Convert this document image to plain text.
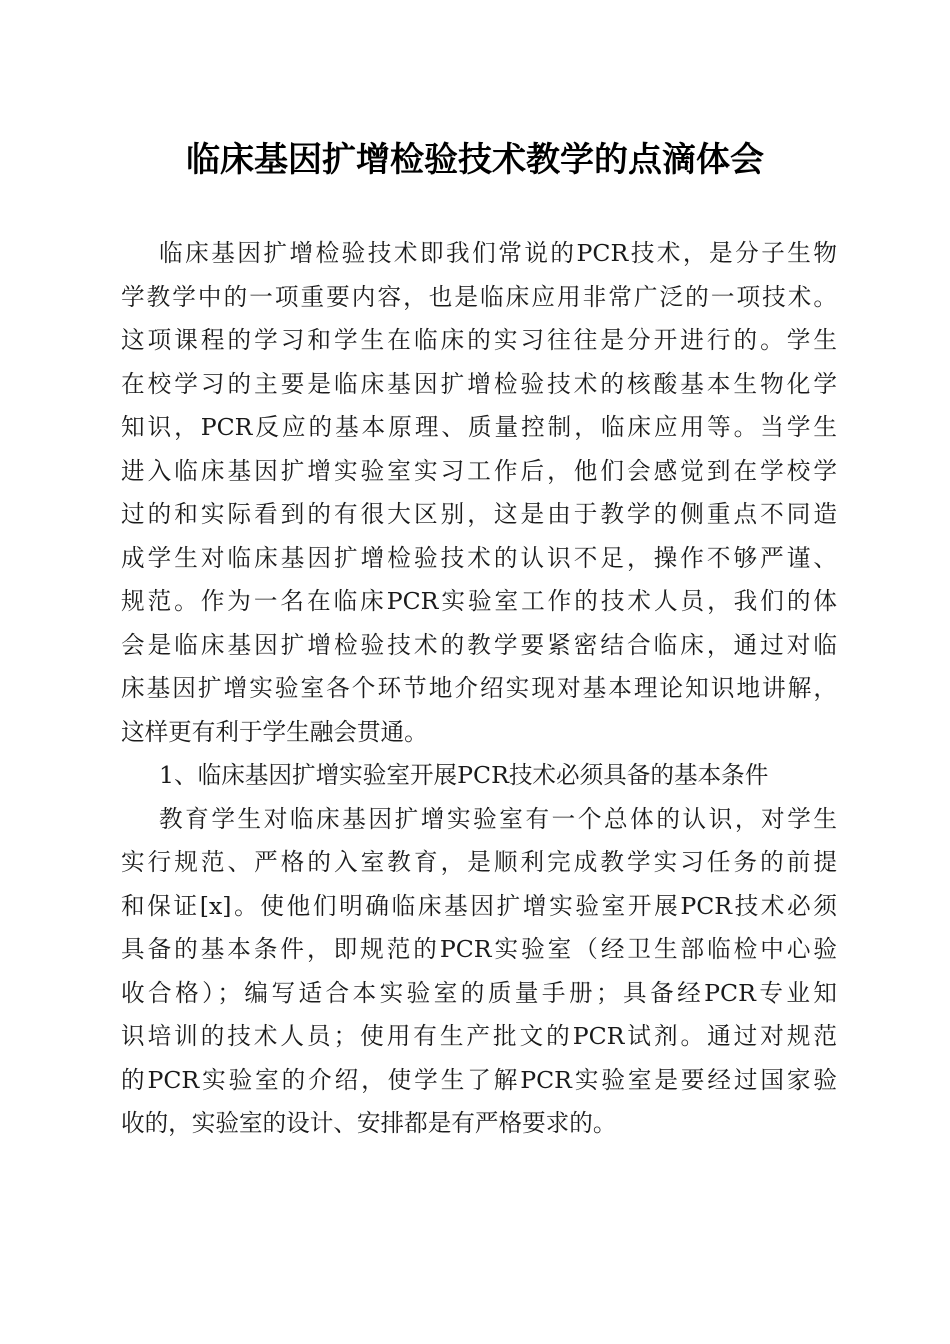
临床基因扩增检验技术教学的点滴体会
临床基因扩增检验技术即我们常说的PCR技术，是分子生物
学教学中的一项重要内容，也是临床应用非常广泛的一项技术。
这项课程的学习和学生在临床的实习往往是分开进行的。学生
在校学习的主要是临床基因扩增检验技术的核酸基本生物化学
知识，PCR反应的基本原理、质量控制，临床应用等。当学生
进入临床基因扩增实验室实习工作后，他们会感觉到在学校学
过的和实际看到的有很大区别，这是由于教学的侧重点不同造
成学生对临床基因扩增检验技术的认识不足，操作不够严谨、
规范。作为一名在临床PCR实验室工作的技术人员，我们的体
会是临床基因扩增检验技术的教学要紧密结合临床，通过对临
床基因扩增实验室各个环节地介绍实现对基本理论知识地讲解，
这样更有利于学生融会贯通。
1、临床基因扩增实验室开展PCR技术必须具备的基本条件
教育学生对临床基因扩增实验室有一个总体的认识，对学生
实行规范、严格的入室教育，是顺利完成教学实习任务的前提
和保证[x]。使他们明确临床基因扩增实验室开展PCR技术必须
具备的基本条件，即规范的PCR实验室（经卫生部临检中心验
收合格）；编写适合本实验室的质量手册；具备经PCR专业知
识培训的技术人员；使用有生产批文的PCR试剂。通过对规范
的PCR实验室的介绍，使学生了解PCR实验室是要经过国家验
收的，实验室的设计、安排都是有严格要求的。
